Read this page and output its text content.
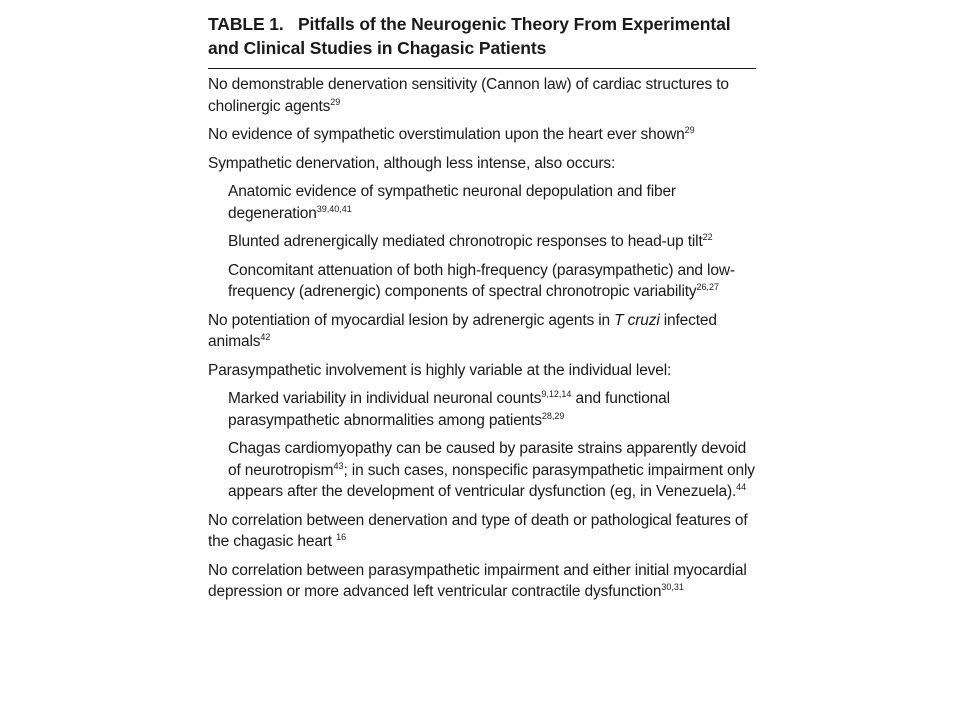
TABLE 1.   Pitfalls of the Neurogenic Theory From Experimental
and Clinical Studies in Chagasic Patients
No demonstrable denervation sensitivity (Cannon law) of cardiac structures to cholinergic agents$^{29}$
No evidence of sympathetic overstimulation upon the heart ever shown$^{29}$
Sympathetic denervation, although less intense, also occurs:
Anatomic evidence of sympathetic neuronal depopulation and fiber degeneration$^{39,40,41}$
Blunted adrenergically mediated chronotropic responses to head-up tilt$^{22}$
Concomitant attenuation of both high-frequency (parasympathetic) and low-frequency (adrenergic) components of spectral chronotropic variability$^{26,27}$
No potentiation of myocardial lesion by adrenergic agents in T cruzi infected animals$^{42}$
Parasympathetic involvement is highly variable at the individual level:
Marked variability in individual neuronal counts$^{9,12,14}$ and functional parasympathetic abnormalities among patients$^{28,29}$
Chagas cardiomyopathy can be caused by parasite strains apparently devoid of neurotropism$^{43}$; in such cases, nonspecific parasympathetic impairment only appears after the development of ventricular dysfunction (eg, in Venezuela).$^{44}$
No correlation between denervation and type of death or pathological features of the chagasic heart $^{16}$
No correlation between parasympathetic impairment and either initial myocardial depression or more advanced left ventricular contractile dysfunction$^{30,31}$
